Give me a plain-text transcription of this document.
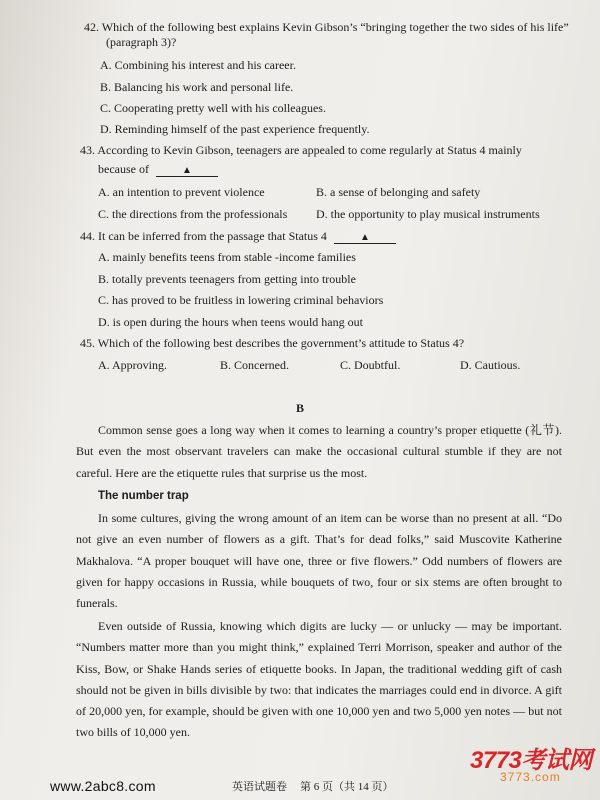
42. Which of the following best explains Kevin Gibson’s “bringing together the two sides of his life”
(paragraph 3)?
A. Combining his interest and his career.
B. Balancing his work and personal life.
C. Cooperating pretty well with his colleagues.
D. Reminding himself of the past experience frequently.
43. According to Kevin Gibson, teenagers are appealed to come regularly at Status 4 mainly
because of	▲
A. an intention to prevent violence	B. a sense of belonging and safety
C. the directions from the professionals D. the opportunity to play musical instruments
44. It can be inferred from the passage that Status 4	▲
A. mainly benefits teens from stable -income families
B. totally prevents teenagers from getting into trouble
C. has proved to be fruitless in lowering criminal behaviors
D. is open during the hours when teens would hang out
45. Which of the following best describes the government’s attitude to Status 4?
A. Approving.	B. Concerned.	C. Doubtful.	D. Cautious.
B

Common sense goes a long way when it comes to learning a country’s proper etiquette (礼节). But even the most observant travelers can make the occasional cultural stumble if they are not careful. Here are the etiquette rules that surprise us the most.

The number trap

In some cultures, giving the wrong amount of an item can be worse than no present at all. “Do not give an even number of flowers as a gift. That’s for dead folks,” said Muscovite Katherine Makhalova. “A proper bouquet will have one, three or five flowers.” Odd numbers of flowers are given for happy occasions in Russia, while bouquets of two, four or six stems are often brought to funerals.

Even outside of Russia, knowing which digits are lucky — or unlucky — may be important. “Numbers matter more than you might think,” explained Terri Morrison, speaker and author of the Kiss, Bow, or Shake Hands series of etiquette books. In Japan, the traditional wedding gift of cash should not be given in bills divisible by two: that indicates the marriages could end in divorce. A gift of 20,000 yen, for example, should be given with one 10,000 yen and two 5,000 yen notes — but not two bills of 10,000 yen.

英语试题卷 第 6 页（共 14 页）
www.2abc8.com
3773考试网
3773.com
